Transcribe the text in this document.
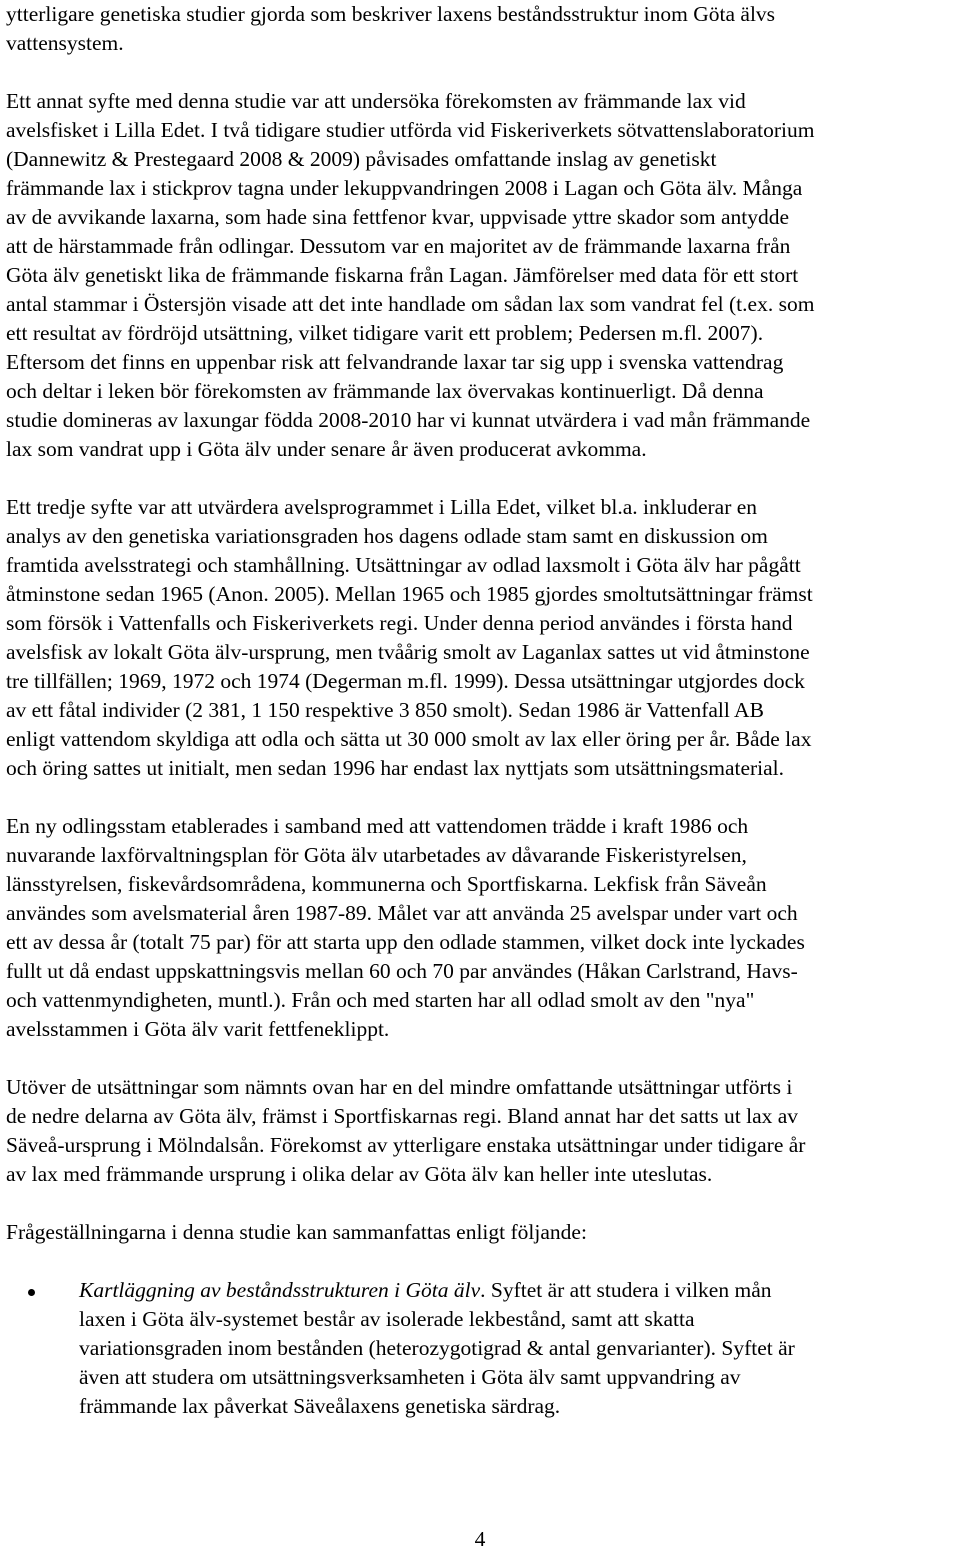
ytterligare genetiska studier gjorda som beskriver laxens beståndsstruktur inom Göta älvs
vattensystem.

Ett annat syfte med denna studie var att undersöka förekomsten av främmande lax vid
avelsfisket i Lilla Edet. I två tidigare studier utförda vid Fiskeriverkets sötvattenslaboratorium
(Dannewitz & Prestegaard 2008 & 2009) påvisades omfattande inslag av genetiskt
främmande lax i stickprov tagna under lekuppvandringen 2008 i Lagan och Göta älv. Många
av de avvikande laxarna, som hade sina fettfenor kvar, uppvisade yttre skador som antydde
att de härstammade från odlingar. Dessutom var en majoritet av de främmande laxarna från
Göta älv genetiskt lika de främmande fiskarna från Lagan. Jämförelser med data för ett stort
antal stammar i Östersjön visade att det inte handlade om sådan lax som vandrat fel (t.ex. som
ett resultat av fördröjd utsättning, vilket tidigare varit ett problem; Pedersen m.fl. 2007).
Eftersom det finns en uppenbar risk att felvandrande laxar tar sig upp i svenska vattendrag
och deltar i leken bör förekomsten av främmande lax övervakas kontinuerligt. Då denna
studie domineras av laxungar födda 2008-2010 har vi kunnat utvärdera i vad mån främmande
lax som vandrat upp i Göta älv under senare år även producerat avkomma.

Ett tredje syfte var att utvärdera avelsprogrammet i Lilla Edet, vilket bl.a. inkluderar en
analys av den genetiska variationsgraden hos dagens odlade stam samt en diskussion om
framtida avelsstrategi och stamhållning. Utsättningar av odlad laxsmolt i Göta älv har pågått
åtminstone sedan 1965 (Anon. 2005). Mellan 1965 och 1985 gjordes smoltutsättningar främst
som försök i Vattenfalls och Fiskeriverkets regi. Under denna period användes i första hand
avelsfisk av lokalt Göta älv-ursprung, men tvåårig smolt av Laganlax sattes ut vid åtminstone
tre tillfällen; 1969, 1972 och 1974 (Degerman m.fl. 1999). Dessa utsättningar utgjordes dock
av ett fåtal individer (2 381, 1 150 respektive 3 850 smolt). Sedan 1986 är Vattenfall AB
enligt vattendom skyldiga att odla och sätta ut 30 000 smolt av lax eller öring per år. Både lax
och öring sattes ut initialt, men sedan 1996 har endast lax nyttjats som utsättningsmaterial.

En ny odlingsstam etablerades i samband med att vattendomen trädde i kraft 1986 och
nuvarande laxförvaltningsplan för Göta älv utarbetades av dåvarande Fiskeristyrelsen,
länsstyrelsen, fiskevårdsområdena, kommunerna och Sportfiskarna. Lekfisk från Säveån
användes som avelsmaterial åren 1987-89. Målet var att använda 25 avelspar under vart och
ett av dessa år (totalt 75 par) för att starta upp den odlade stammen, vilket dock inte lyckades
fullt ut då endast uppskattningsvis mellan 60 och 70 par användes (Håkan Carlstrand, Havs-
och vattenmyndigheten, muntl.). Från och med starten har all odlad smolt av den "nya"
avelsstammen i Göta älv varit fettfeneklippt.

Utöver de utsättningar som nämnts ovan har en del mindre omfattande utsättningar utförts i
de nedre delarna av Göta älv, främst i Sportfiskarnas regi. Bland annat har det satts ut lax av
Säveå-ursprung i Mölndalsån. Förekomst av ytterligare enstaka utsättningar under tidigare år
av lax med främmande ursprung i olika delar av Göta älv kan heller inte uteslutas.

Frågeställningarna i denna studie kan sammanfattas enligt följande:

Kartläggning av beståndsstrukturen i Göta älv. Syftet är att studera i vilken mån
laxen i Göta älv-systemet består av isolerade lekbestånd, samt att skatta
variationsgraden inom bestånden (heterozygotigrad & antal genvarianter). Syftet är
även att studera om utsättningsverksamheten i Göta älv samt uppvandring av
främmande lax påverkat Säveålaxens genetiska särdrag.
4
